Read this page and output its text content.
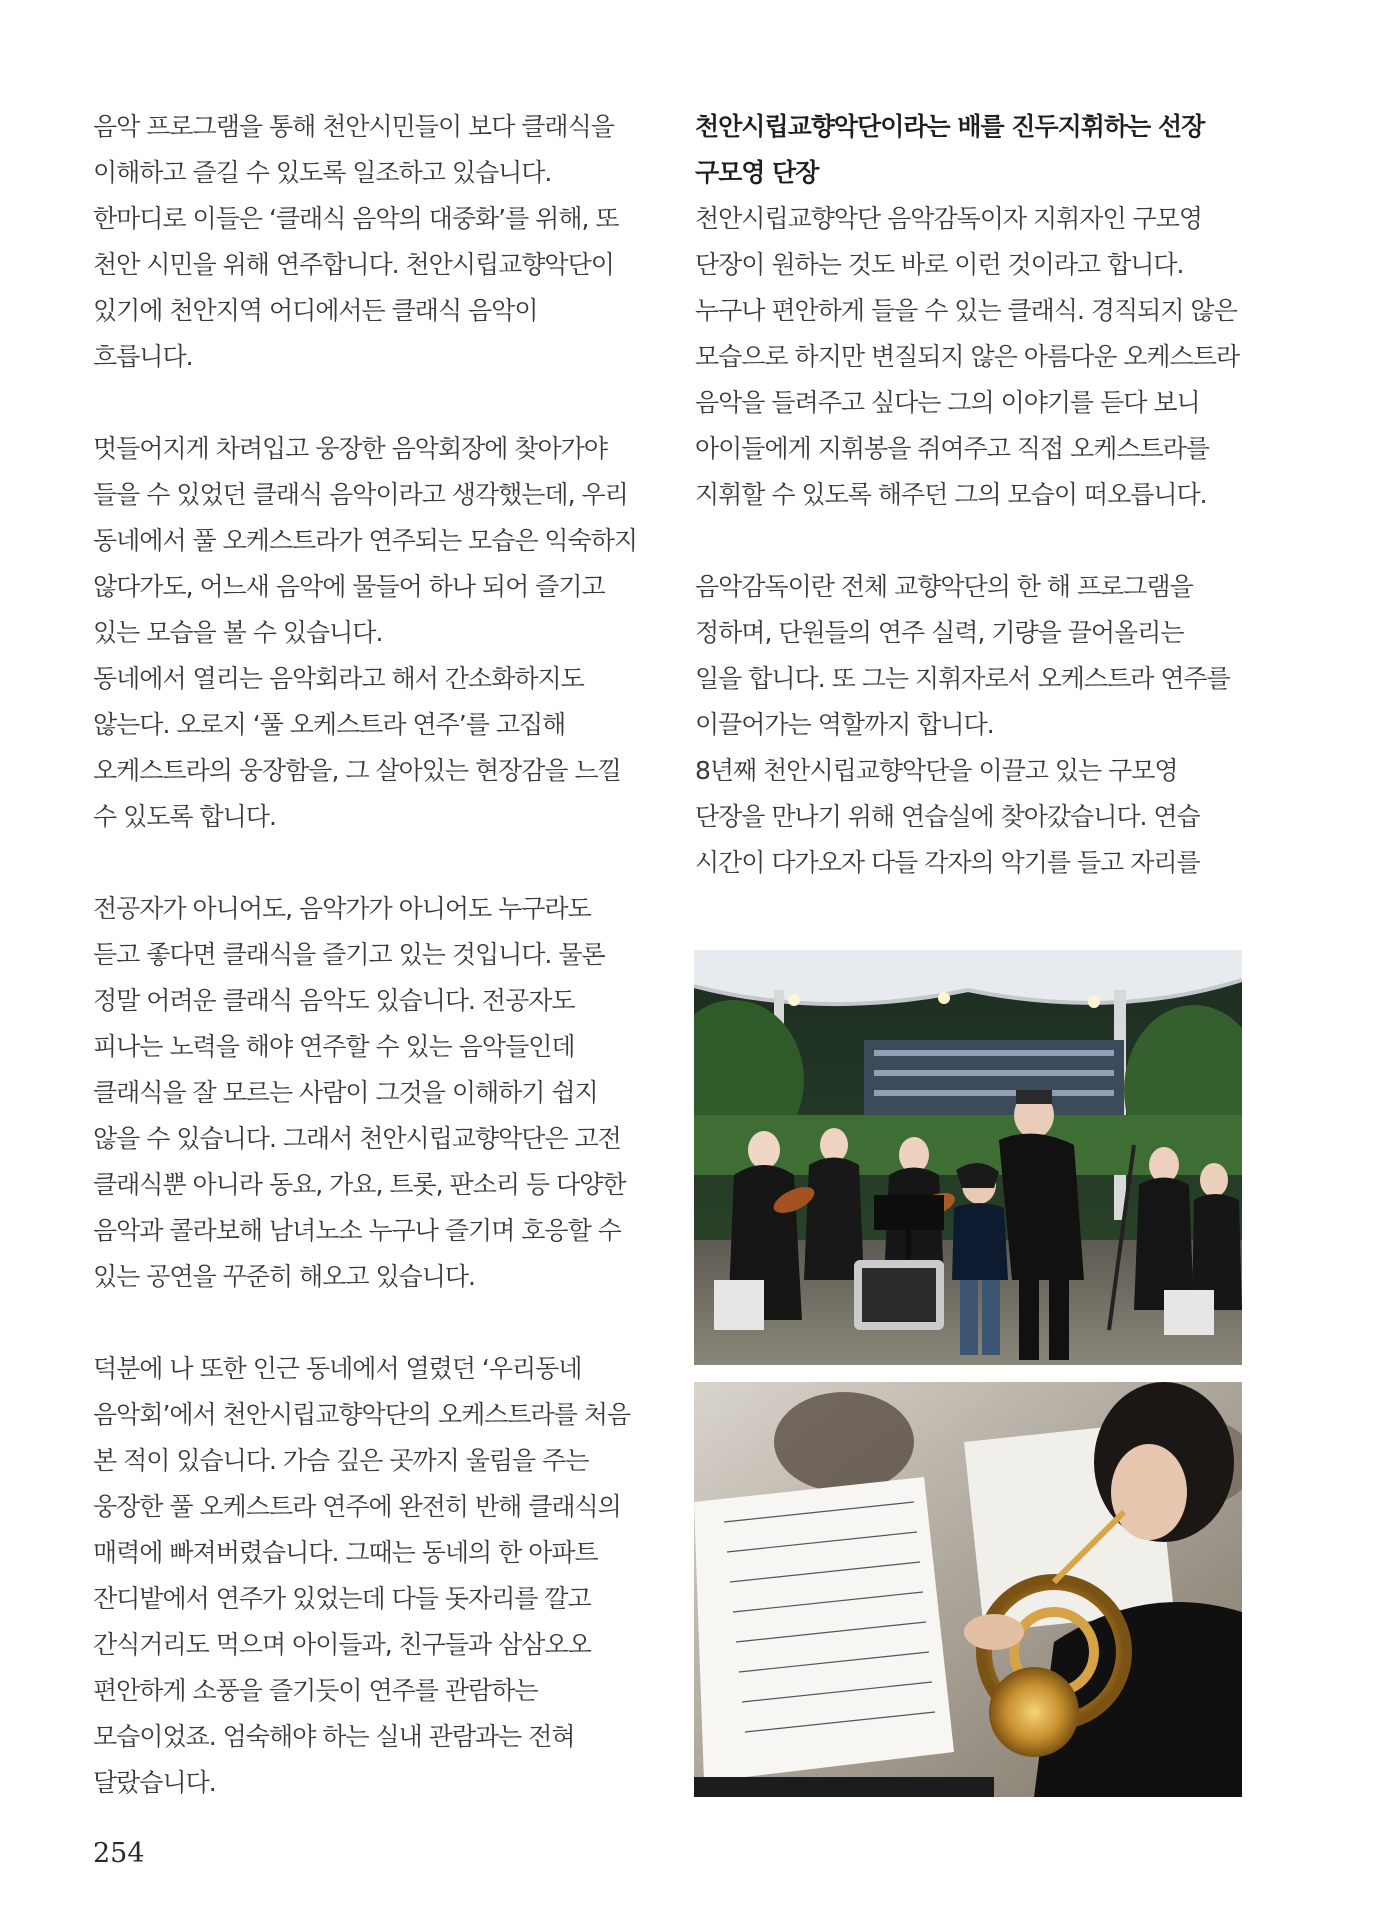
음악 프로그램을 통해 천안시민들이 보다 클래식을
이해하고 즐길 수 있도록 일조하고 있습니다.
한마디로 이들은 ‘클래식 음악의 대중화’를 위해, 또
천안 시민을 위해 연주합니다. 천안시립교향악단이
있기에 천안지역 어디에서든 클래식 음악이
흐릅니다.

멋들어지게 차려입고 웅장한 음악회장에 찾아가야
들을 수 있었던 클래식 음악이라고 생각했는데, 우리
동네에서 풀 오케스트라가 연주되는 모습은 익숙하지
않다가도, 어느새 음악에 물들어 하나 되어 즐기고
있는 모습을 볼 수 있습니다.
동네에서 열리는 음악회라고 해서 간소화하지도
않는다. 오로지 ‘풀 오케스트라 연주’를 고집해
오케스트라의 웅장함을, 그 살아있는 현장감을 느낄
수 있도록 합니다.

전공자가 아니어도, 음악가가 아니어도 누구라도
듣고 좋다면 클래식을 즐기고 있는 것입니다. 물론
정말 어려운 클래식 음악도 있습니다. 전공자도
피나는 노력을 해야 연주할 수 있는 음악들인데
클래식을 잘 모르는 사람이 그것을 이해하기 쉽지
않을 수 있습니다. 그래서 천안시립교향악단은 고전
클래식뿐 아니라 동요, 가요, 트롯, 판소리 등 다양한
음악과 콜라보해 남녀노소 누구나 즐기며 호응할 수
있는 공연을 꾸준히 해오고 있습니다.

덕분에 나 또한 인근 동네에서 열렸던 ‘우리동네
음악회’에서 천안시립교향악단의 오케스트라를 처음
본 적이 있습니다. 가슴 깊은 곳까지 울림을 주는
웅장한 풀 오케스트라 연주에 완전히 반해 클래식의
매력에 빠져버렸습니다. 그때는 동네의 한 아파트
잔디밭에서 연주가 있었는데 다들 돗자리를 깔고
간식거리도 먹으며 아이들과, 친구들과 삼삼오오
편안하게 소풍을 즐기듯이 연주를 관람하는
모습이었죠. 엄숙해야 하는 실내 관람과는 전혀
달랐습니다.

천안시립교향악단이라는 배를 진두지휘하는 선장
구모영 단장

천안시립교향악단 음악감독이자 지휘자인 구모영
단장이 원하는 것도 바로 이런 것이라고 합니다.
누구나 편안하게 들을 수 있는 클래식. 경직되지 않은
모습으로 하지만 변질되지 않은 아름다운 오케스트라
음악을 들려주고 싶다는 그의 이야기를 듣다 보니
아이들에게 지휘봉을 쥐여주고 직접 오케스트라를
지휘할 수 있도록 해주던 그의 모습이 떠오릅니다.

음악감독이란 전체 교향악단의 한 해 프로그램을
정하며, 단원들의 연주 실력, 기량을 끌어올리는
일을 합니다. 또 그는 지휘자로서 오케스트라 연주를
이끌어가는 역할까지 합니다.
8년째 천안시립교향악단을 이끌고 있는 구모영
단장을 만나기 위해 연습실에 찾아갔습니다. 연습
시간이 다가오자 다들 각자의 악기를 들고 자리를

254
